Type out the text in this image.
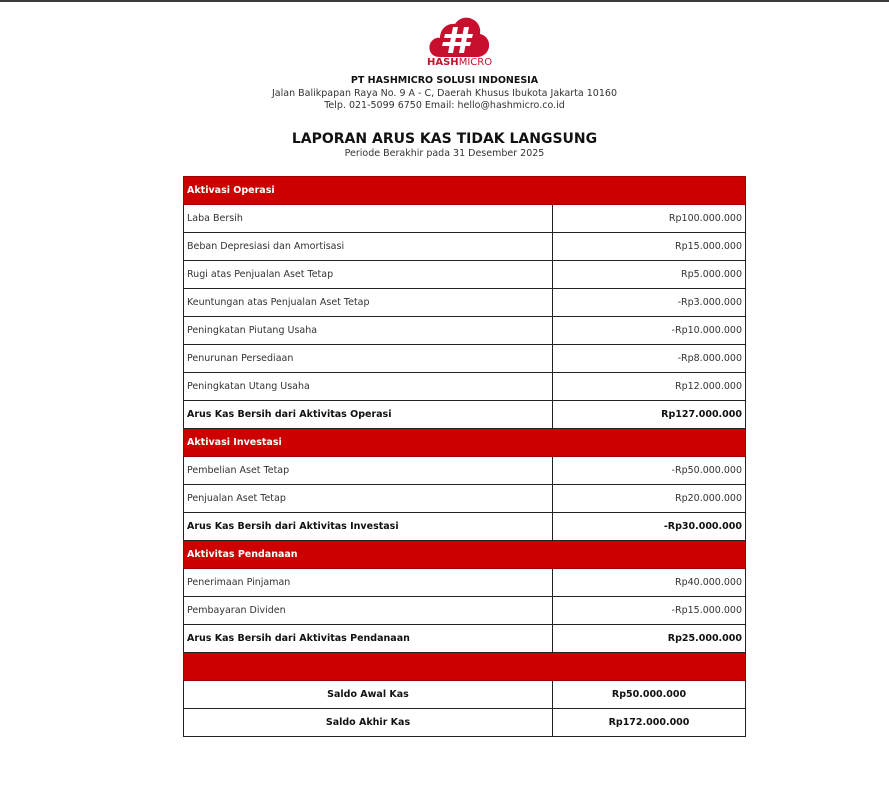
HASHMICRO
PT HASHMICRO SOLUSI INDONESIA
Jalan Balikpapan Raya No. 9 A - C, Daerah Khusus Ibukota Jakarta 10160
Telp. 021-5099 6750 Email: hello@hashmicro.co.id
LAPORAN ARUS KAS TIDAK LANGSUNG
Periode Berakhir pada 31 Desember 2025
Aktivasi Operasi	
Laba Bersih	Rp100.000.000
Beban Depresiasi dan Amortisasi	Rp15.000.000
Rugi atas Penjualan Aset Tetap	Rp5.000.000
Keuntungan atas Penjualan Aset Tetap	-Rp3.000.000
Peningkatan Piutang Usaha	-Rp10.000.000
Penurunan Persediaan	-Rp8.000.000
Peningkatan Utang Usaha	Rp12.000.000
Arus Kas Bersih dari Aktivitas Operasi	Rp127.000.000
Aktivasi Investasi	
Pembelian Aset Tetap	-Rp50.000.000
Penjualan Aset Tetap	Rp20.000.000
Arus Kas Bersih dari Aktivitas Investasi	-Rp30.000.000
Aktivitas Pendanaan	
Penerimaan Pinjaman	Rp40.000.000
Pembayaran Dividen	-Rp15.000.000
Arus Kas Bersih dari Aktivitas Pendanaan	Rp25.000.000

Saldo Awal Kas	Rp50.000.000
Saldo Akhir Kas	Rp172.000.000
